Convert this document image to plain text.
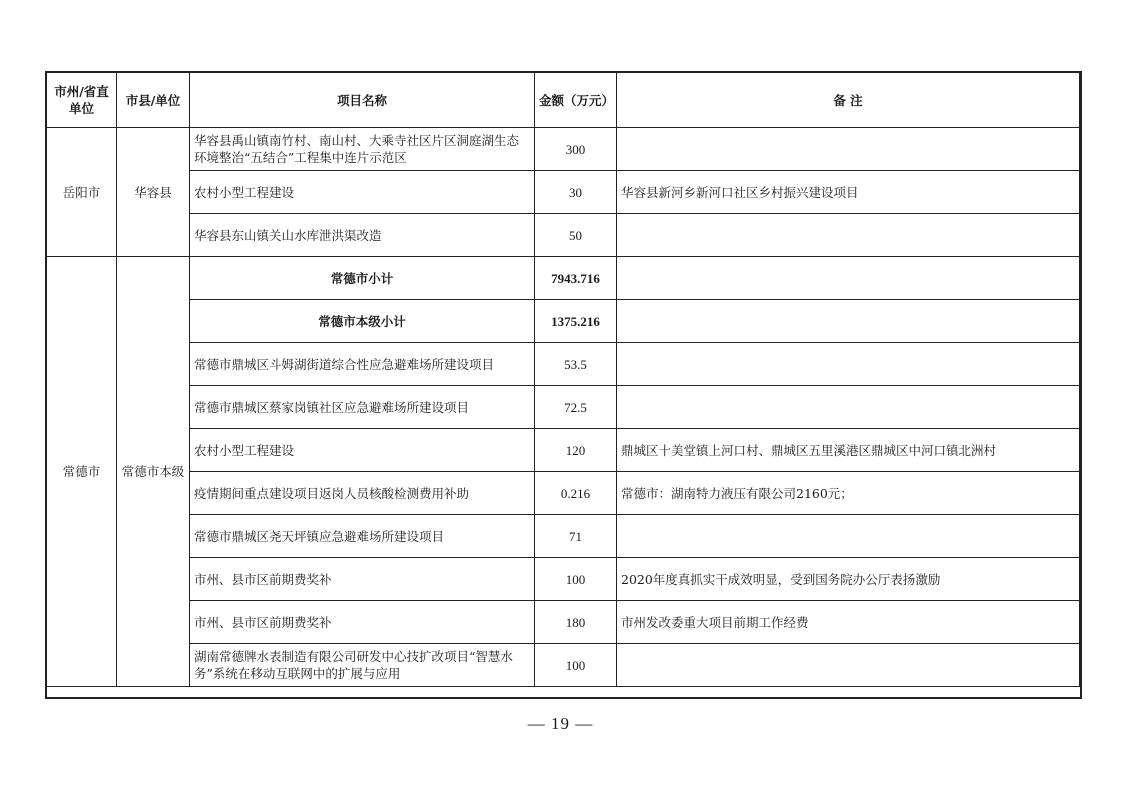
市州/省直单位	市县/单位	项目名称	金额（万元）	备 注
岳阳市	华容县	华容县禹山镇南竹村、南山村、大乘寺社区片区洞庭湖生态环境整治“五结合”工程集中连片示范区	300	
		农村小型工程建设	30	华容县新河乡新河口社区乡村振兴建设项目
		华容县东山镇关山水库泄洪渠改造	50	
常德市	常德市本级	常德市小计	7943.716	
		常德市本级小计	1375.216	
		常德市鼎城区斗姆湖街道综合性应急避难场所建设项目	53.5	
		常德市鼎城区蔡家岗镇社区应急避难场所建设项目	72.5	
		农村小型工程建设	120	鼎城区十美堂镇上河口村、鼎城区五里溪港区鼎城区中河口镇北洲村
		疫情期间重点建设项目返岗人员核酸检测费用补助	0.216	常德市：湖南特力液压有限公司2160元；
		常德市鼎城区尧天坪镇应急避难场所建设项目	71	
		市州、县市区前期费奖补	100	2020年度真抓实干成效明显，受到国务院办公厅表扬激励
		市州、县市区前期费奖补	180	市州发改委重大项目前期工作经费
		湖南常德牌水表制造有限公司研发中心技扩改项目“智慧水务”系统在移动互联网中的扩展与应用	100	
— 19 —
